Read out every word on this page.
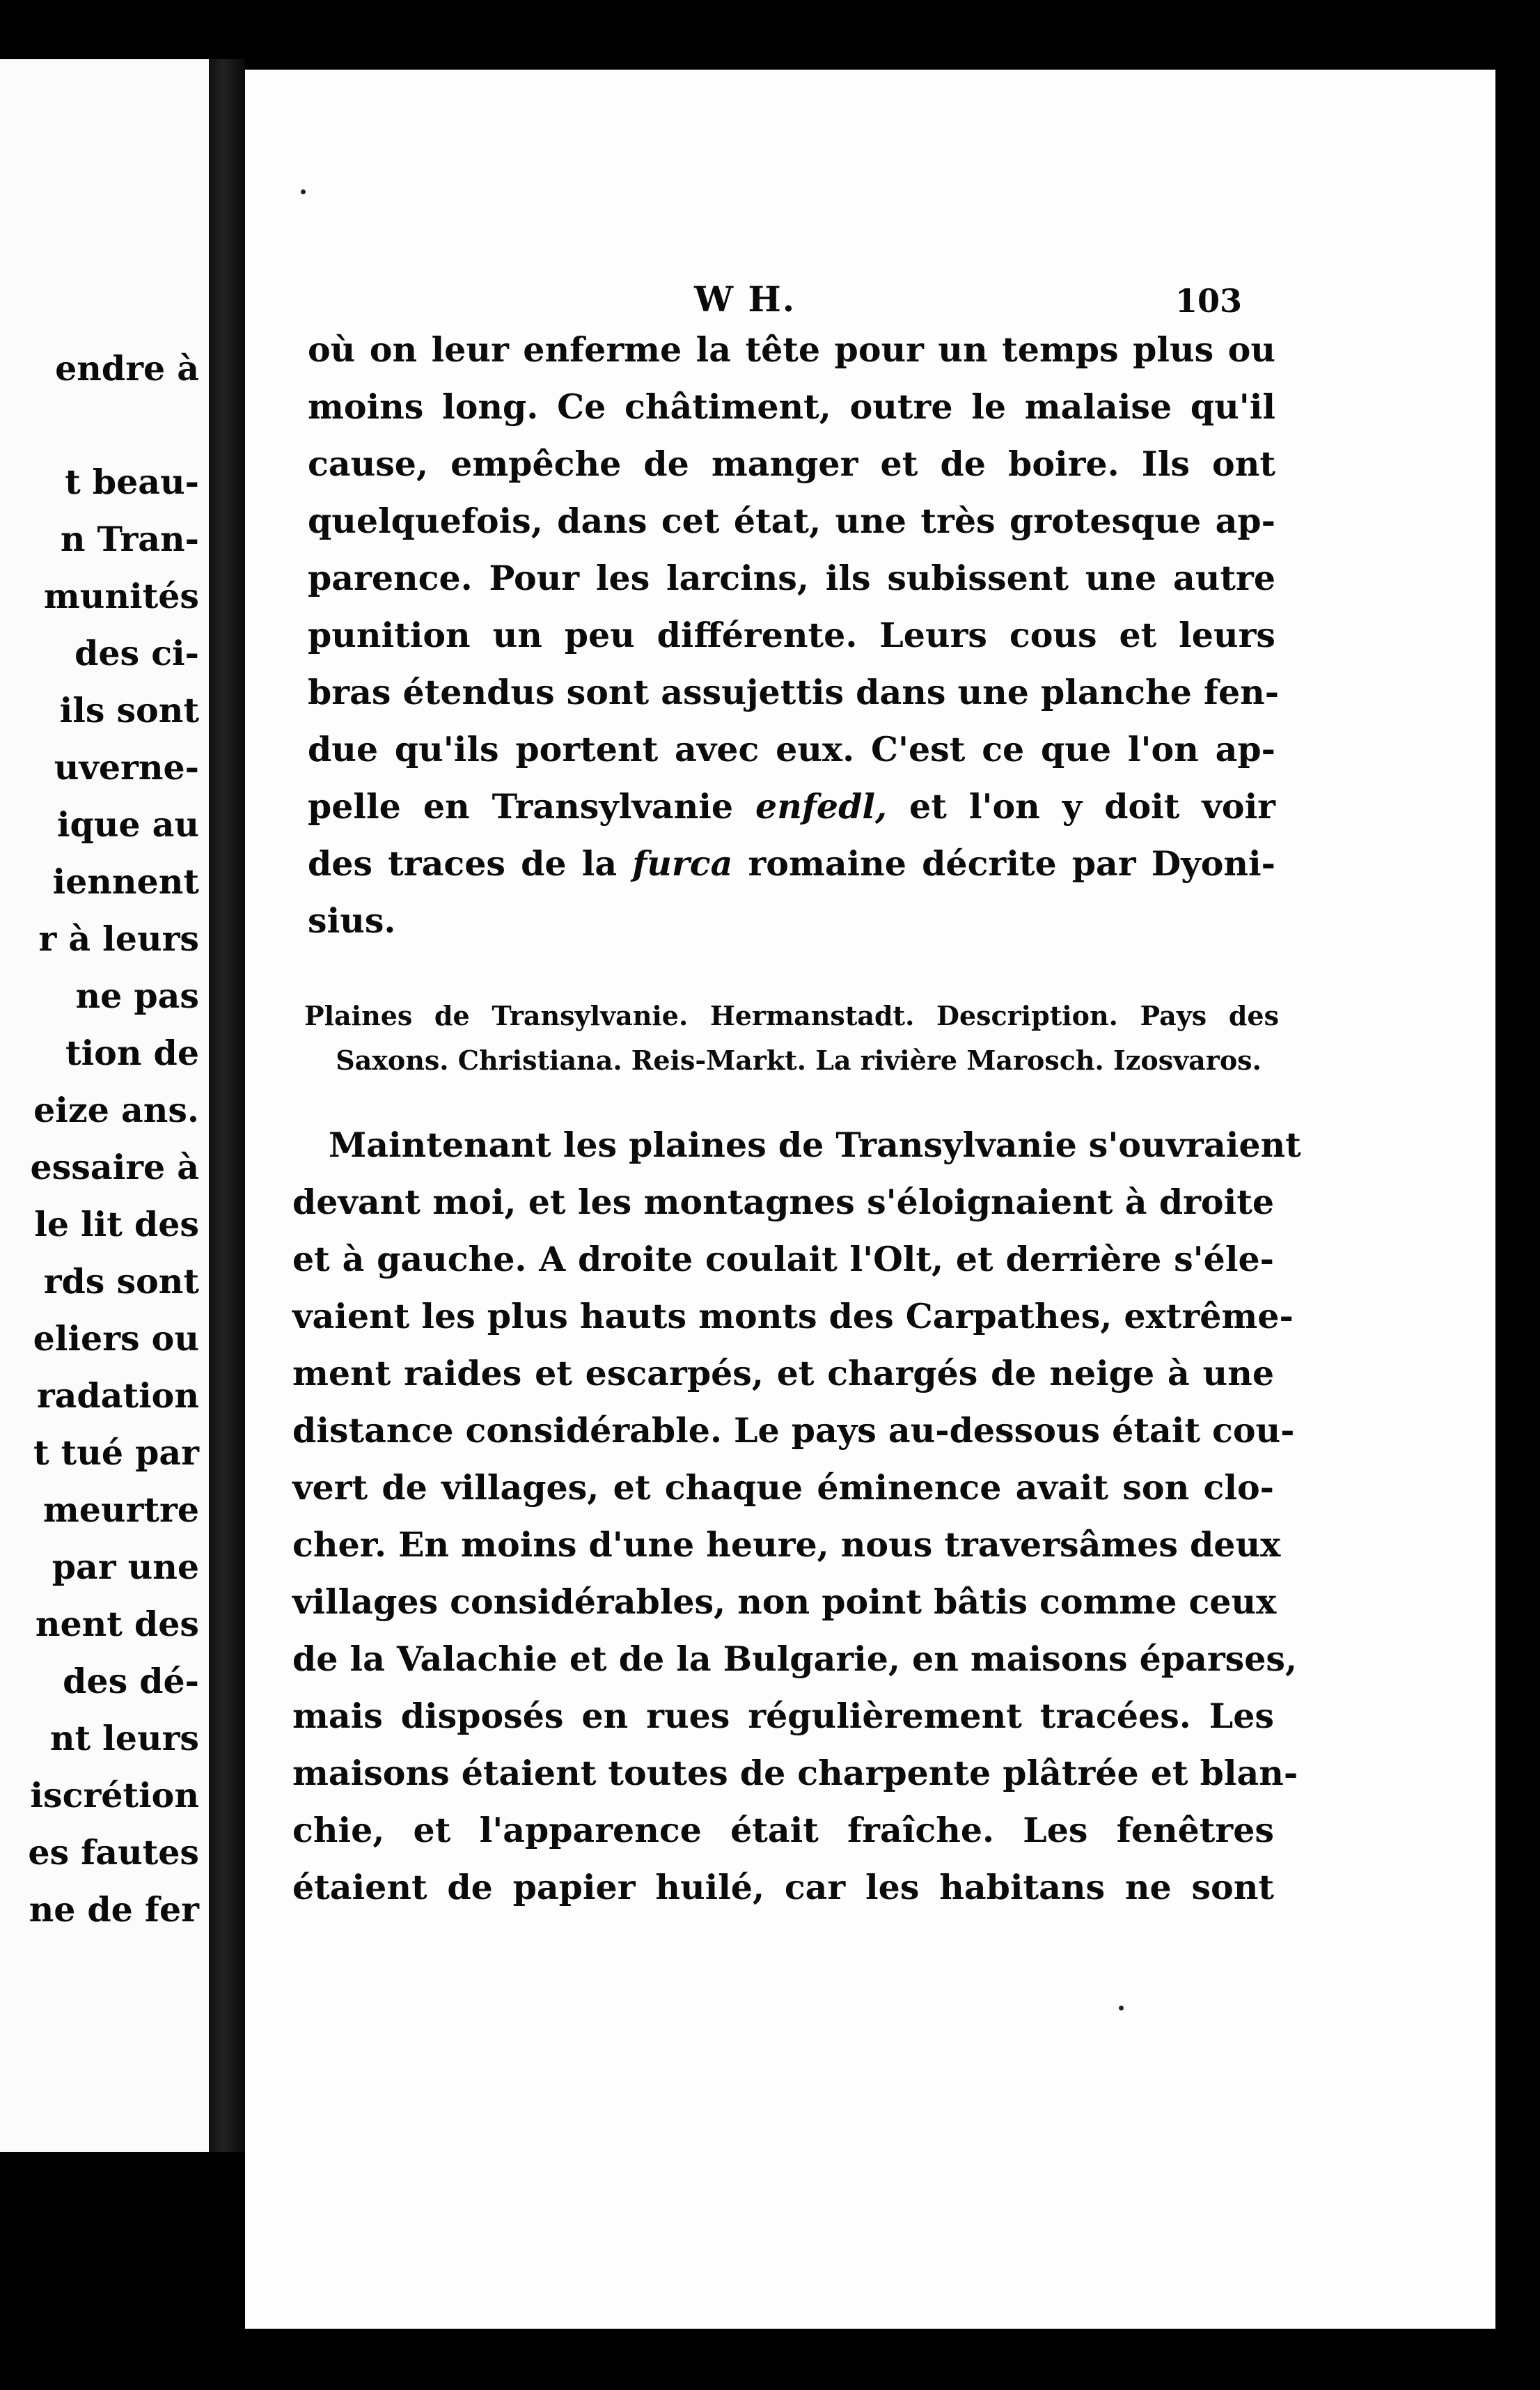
endre à
t beau-
n Tran-
munités
des ci-
ils sont
uverne-
ique au
iennent
r à leurs
ne pas
tion de
eize ans.
essaire à
le lit des
rds sont
eliers ou
radation
t tué par
meurtre
par une
nent des
des dé-
nt leurs
iscrétion
es fautes
ne de fer
W H.	103
où on leur enferme la tête pour un temps plus ou
moins long. Ce châtiment, outre le malaise qu'il
cause, empêche de manger et de boire. Ils ont
quelquefois, dans cet état, une très grotesque ap-
parence. Pour les larcins, ils subissent une autre
punition un peu différente. Leurs cous et leurs
bras étendus sont assujettis dans une planche fen-
due qu'ils portent avec eux. C'est ce que l'on ap-
pelle en Transylvanie enfedl, et l'on y doit voir
des traces de la furca romaine décrite par Dyoni-
sius.
Plaines de Transylvanie. Hermanstadt. Description. Pays des
Saxons. Christiana. Reis-Markt. La rivière Marosch. Izosvaros.
Maintenant les plaines de Transylvanie s'ouvraient
devant moi, et les montagnes s'éloignaient à droite
et à gauche. A droite coulait l'Olt, et derrière s'éle-
vaient les plus hauts monts des Carpathes, extrême-
ment raides et escarpés, et chargés de neige à une
distance considérable. Le pays au-dessous était cou-
vert de villages, et chaque éminence avait son clo-
cher. En moins d'une heure, nous traversâmes deux
villages considérables, non point bâtis comme ceux
de la Valachie et de la Bulgarie, en maisons éparses,
mais disposés en rues régulièrement tracées. Les
maisons étaient toutes de charpente plâtrée et blan-
chie, et l'apparence était fraîche. Les fenêtres
étaient de papier huilé, car les habitans ne sont
